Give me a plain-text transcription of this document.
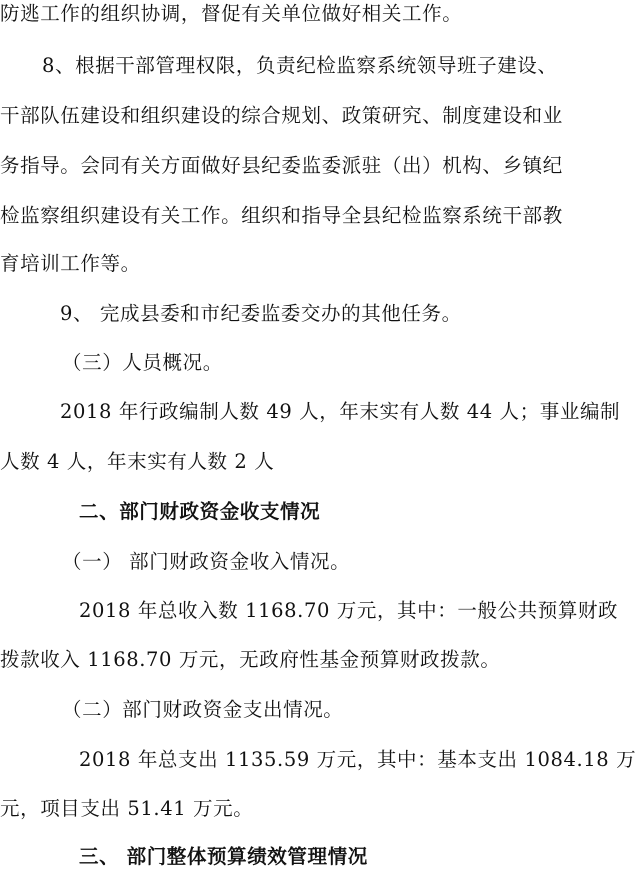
防逃工作的组织协调，督促有关单位做好相关工作。
8、根据干部管理权限，负责纪检监察系统领导班子建设、
干部队伍建设和组织建设的综合规划、政策研究、制度建设和业
务指导。会同有关方面做好县纪委监委派驻（出）机构、乡镇纪
检监察组织建设有关工作。组织和指导全县纪检监察系统干部教
育培训工作等。
9、 完成县委和市纪委监委交办的其他任务。
（三）人员概况。
2018 年行政编制人数 49 人，年末实有人数 44 人；事业编制
人数 4 人，年末实有人数 2 人
二、部门财政资金收支情况
（一） 部门财政资金收入情况。
2018 年总收入数 1168.70 万元，其中：一般公共预算财政
拨款收入 1168.70 万元，无政府性基金预算财政拨款。
（二）部门财政资金支出情况。
2018 年总支出 1135.59 万元，其中：基本支出 1084.18 万
元，项目支出 51.41 万元。
三、 部门整体预算绩效管理情况
